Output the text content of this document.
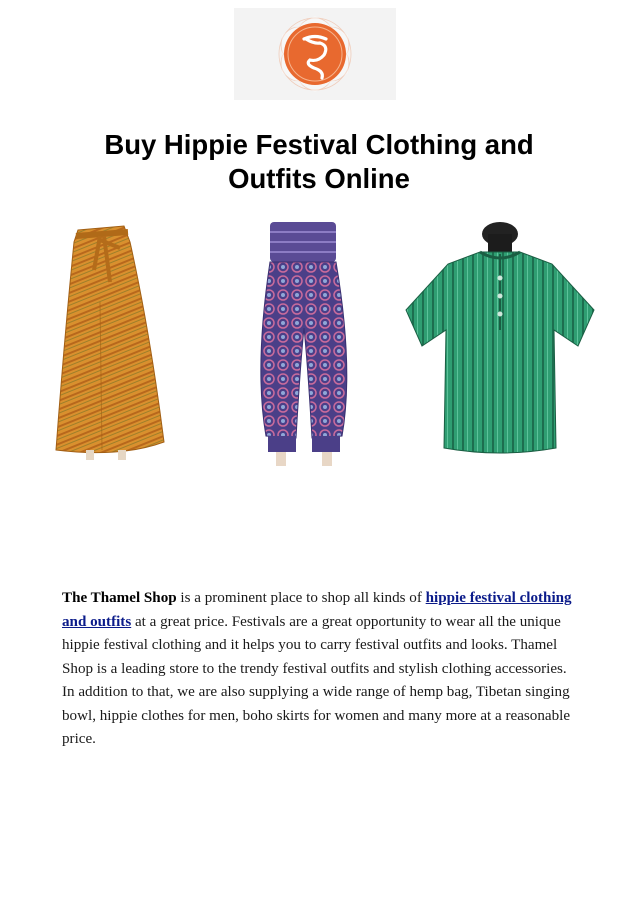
Buy Hippie Festival Clothing and
Outfits Online

The Thamel Shop is a prominent place to shop all kinds of hippie festival clothing and outfits at a great price. Festivals are a great opportunity to wear all the unique hippie festival clothing and it helps you to carry festival outfits and looks. Thamel Shop is a leading store to the trendy festival outfits and stylish clothing accessories. In addition to that, we are also supplying a wide range of hemp bag, Tibetan singing bowl, hippie clothes for men, boho skirts for women and many more at a reasonable price.
